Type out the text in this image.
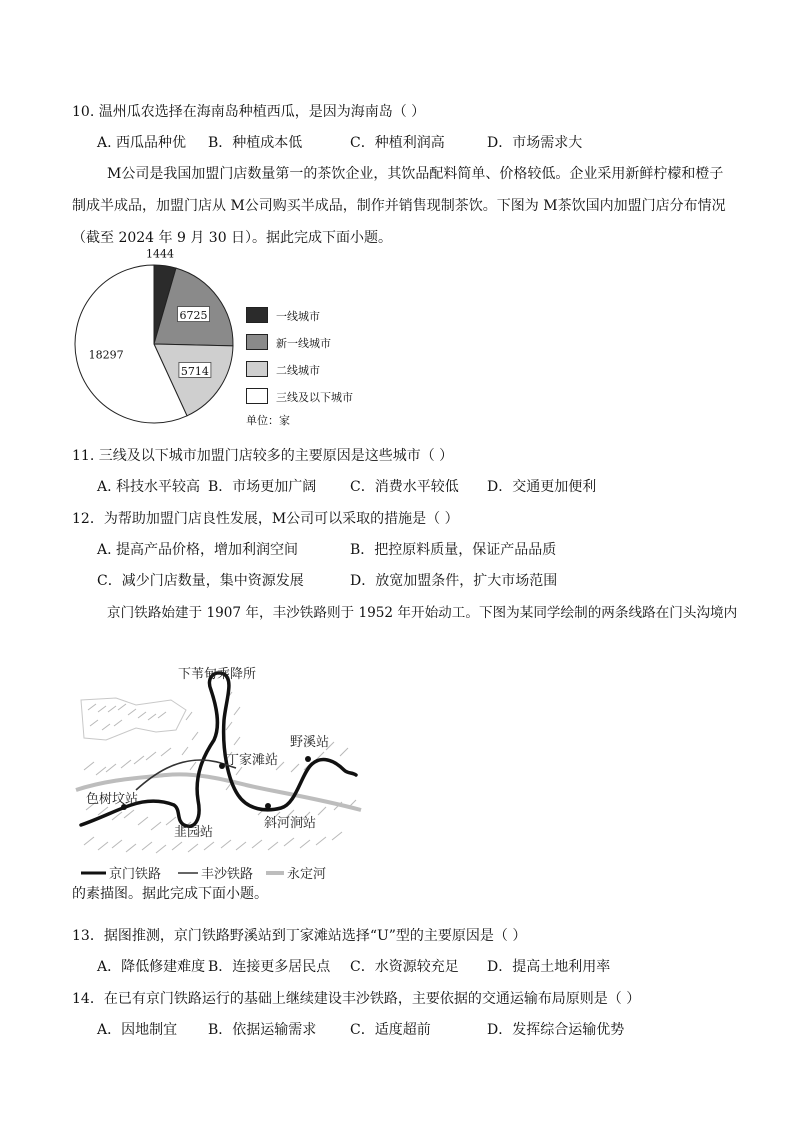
10. 温州瓜农选择在海南岛种植西瓜，是因为海南岛（ ）
A. 西瓜品种优 B．种植成本低	C．种植利润高	D．市场需求大
M公司是我国加盟门店数量第一的茶饮企业，其饮品配料简单、价格较低。企业采用新鲜柠檬和橙子
制成半成品，加盟门店从 M公司购买半成品，制作并销售现制茶饮。下图为 M茶饮国内加盟门店分布情况
（截至 2024 年 9 月 30 日）。据此完成下面小题。
1444
6725
5714
18297
一线城市
新一线城市
二线城市
三线及以下城市
单位：家
11. 三线及以下城市加盟门店较多的主要原因是这些城市（ ）
A. 科技水平较高 B．市场更加广阔 C．消费水平较低 D．交通更加便利
12．为帮助加盟门店良性发展，M公司可以采取的措施是（ ）
A. 提高产品价格，增加利润空间	B．把控原料质量，保证产品品质
C．减少门店数量，集中资源发展	D．放宽加盟条件，扩大市场范围
京门铁路始建于 1907 年，丰沙铁路则于 1952 年开始动工。下图为某同学绘制的两条线路在门头沟境内
下苇甸乘降所
野溪站
丁家滩站
色树坟站
韭园站
斜河涧站
京门铁路	丰沙铁路	永定河
的素描图。据此完成下面小题。
13．据图推测，京门铁路野溪站到丁家滩站选择“U”型的主要原因是（ ）
A．降低修建难度 B．连接更多居民点 C．水资源较充足 D．提高土地利用率
14．在已有京门铁路运行的基础上继续建设丰沙铁路，主要依据的交通运输布局原则是（ ）
A．因地制宜 B．依据运输需求 C．适度超前	D．发挥综合运输优势
